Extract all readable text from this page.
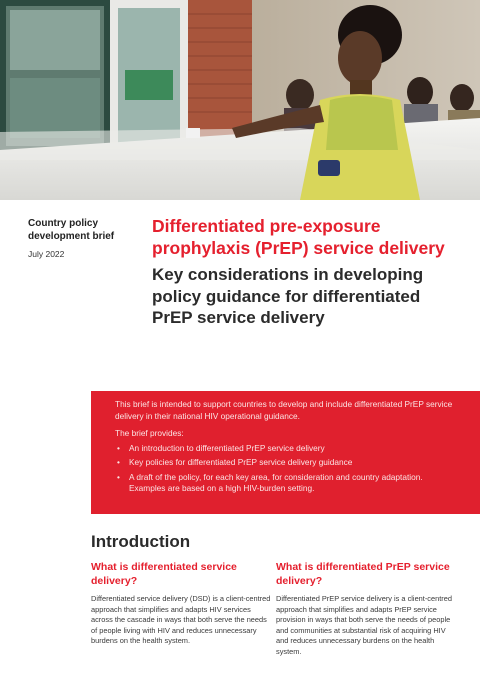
Country policy development brief
July 2022
Differentiated pre-exposure prophylaxis (PrEP) service delivery
Key considerations in developing policy guidance for differentiated PrEP service delivery

This brief is intended to support countries to develop and include differentiated PrEP service delivery in their national HIV operational guidance.

The brief provides:

• An introduction to differentiated PrEP service delivery
• Key policies for differentiated PrEP service delivery guidance
• A draft of the policy, for each key area, for consideration and country adaptation. Examples are based on a high HIV-burden setting.
Introduction
What is differentiated service delivery?

Differentiated service delivery (DSD) is a client-centred approach that simplifies and adapts HIV services across the cascade in ways that both serve the needs of people living with HIV and reduces unnecessary burdens on the health system.

What is differentiated PrEP service delivery?

Differentiated PrEP service delivery is a client-centred approach that simplifies and adapts PrEP service provision in ways that both serve the needs of people and communities at substantial risk of acquiring HIV and reduces unnecessary burdens on the health system.
